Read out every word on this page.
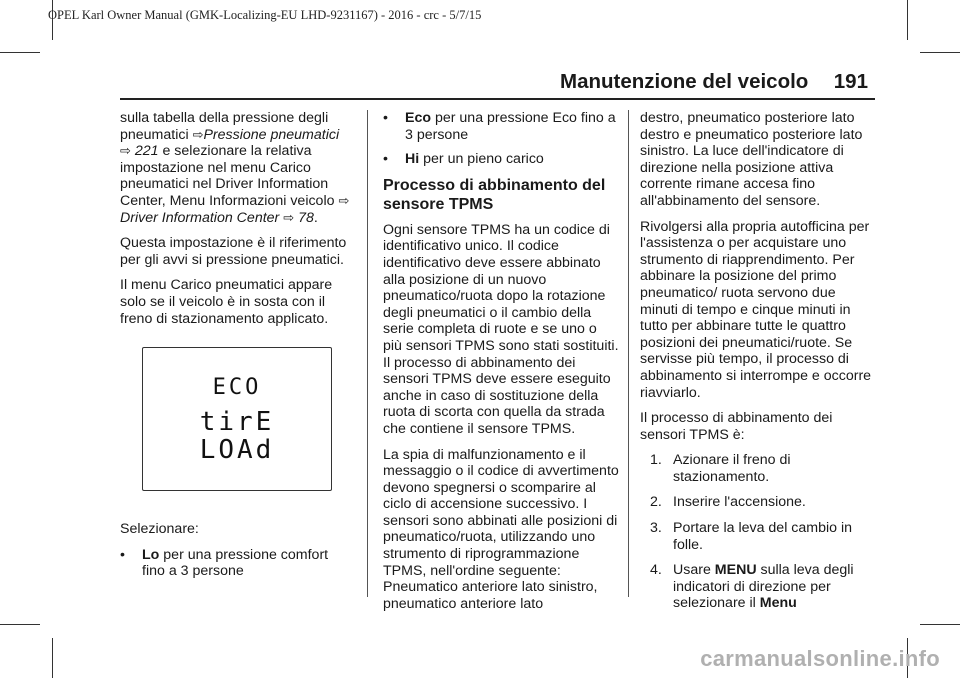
OPEL Karl Owner Manual (GMK-Localizing-EU LHD-9231167) - 2016 - crc - 5/7/15
Manutenzione del veicolo 191

sulla tabella della pressione degli pneumatici ⇨Pressione pneumatici ⇨ 221 e selezionare la relativa impostazione nel menu Carico pneumatici nel Driver Information Center, Menu Informazioni veicolo ⇨ Driver Information Center ⇨ 78.

Questa impostazione è il riferimento per gli avvi si pressione pneumatici.

Il menu Carico pneumatici appare solo se il veicolo è in sosta con il freno di stazionamento applicato.

ECO
tirE
LOAd

Selezionare:

•	Lo per una pressione comfort fino a 3 persone
•	Eco per una pressione Eco fino a 3 persone
•	Hi per un pieno carico
Processo di abbinamento del sensore TPMS

Ogni sensore TPMS ha un codice di identificativo unico. Il codice identificativo deve essere abbinato alla posizione di un nuovo pneumatico/ruota dopo la rotazione degli pneumatici o il cambio della serie completa di ruote e se uno o più sensori TPMS sono stati sostituiti. Il processo di abbinamento dei sensori TPMS deve essere eseguito anche in caso di sostituzione della ruota di scorta con quella da strada che contiene il sensore TPMS.

La spia di malfunzionamento e il messaggio o il codice di avvertimento devono spegnersi o scomparire al ciclo di accensione successivo. I sensori sono abbinati alle posizioni di pneumatico/ruota, utilizzando uno strumento di riprogrammazione TPMS, nell'ordine seguente: Pneumatico anteriore lato sinistro, pneumatico anteriore lato

destro, pneumatico posteriore lato destro e pneumatico posteriore lato sinistro. La luce dell'indicatore di direzione nella posizione attiva corrente rimane accesa fino all'abbinamento del sensore.

Rivolgersi alla propria autofficina per l'assistenza o per acquistare uno strumento di riapprendimento. Per abbinare la posizione del primo pneumatico/ ruota servono due minuti di tempo e cinque minuti in tutto per abbinare tutte le quattro posizioni dei pneumatici/ruote. Se servisse più tempo, il processo di abbinamento si interrompe e occorre riavviarlo.

Il processo di abbinamento dei sensori TPMS è:

1. Azionare il freno di stazionamento.
2. Inserire l'accensione.
3. Portare la leva del cambio in folle.
4. Usare MENU sulla leva degli indicatori di direzione per selezionare il Menu
carmanualsonline.info
